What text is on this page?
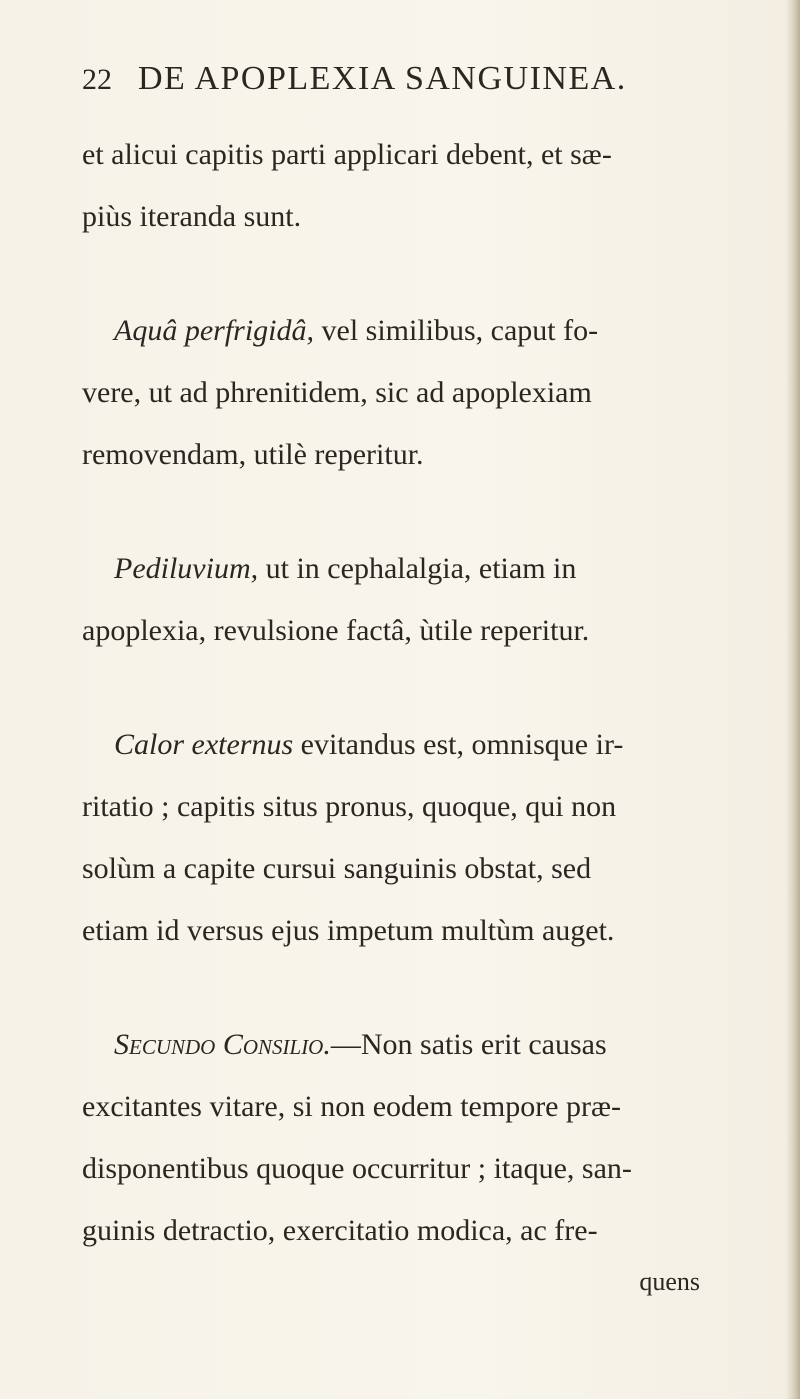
22 DE APOPLEXIA SANGUINEA.
et alicui capitis parti applicari debent, et sæ-
piùs iteranda sunt.
Aquâ perfrigidâ, vel similibus, caput fo-
vere, ut ad phrenitidem, sic ad apoplexiam
removendam, utilè reperitur.
Pediluvium, ut in cephalalgia, etiam in
apoplexia, revulsione factâ, ùtile reperitur.
Calor externus evitandus est, omnisque ir-
ritatio ; capitis situs pronus, quoque, qui non
solùm a capite cursui sanguinis obstat, sed
etiam id versus ejus impetum multùm auget.
Secundo Consilio.—Non satis erit causas
excitantes vitare, si non eodem tempore præ-
disponentibus quoque occurritur ; itaque, san-
guinis detractio, exercitatio modica, ac fre-
quens
